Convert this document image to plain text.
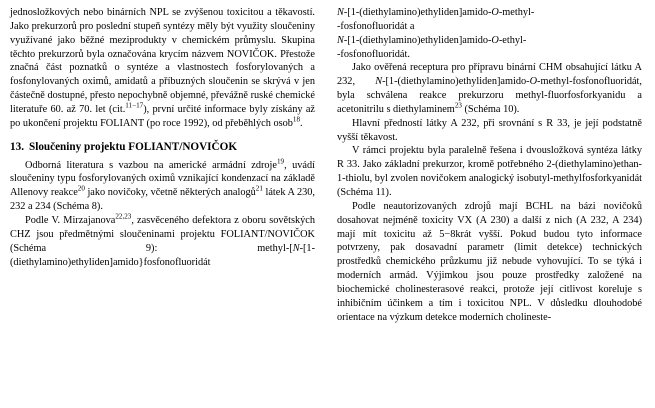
jednosložkových nebo binárních NPL se zvýšenou toxicitou a těkavostí. Jako prekurzorů pro poslední stupeň syntézy měly být využity sloučeniny využívané jako běžné meziprodukty v chemickém průmyslu. Skupina těchto prekurzorů byla označována krycím názvem NOVIČOK. Přestože značná část poznatků o syntéze a vlastnostech fosforylovaných a fosfonylovaných oximů, amidatů a příbuzných sloučenin se skrývá v jen částečně dostupné, přesto nepochybně objemné, převážně ruské chemické literatuře 60. až 70. let (cit.$^{11-17}$), první určité informace byly získány až po ukončení projektu FOLIANT (po roce 1992), od přeběhlých osob$^{18}$.

13. Sloučeniny projektu FOLIANT/NOVIČOK

Odborná literatura s vazbou na americké armádní zdroje$^{19}$, uvádí sloučeniny typu fosforylovaných oximů vznikající kondenzací na základě Allenovy reakce$^{20}$ jako novičoky, včetně některých analogů$^{21}$ látek A 230, 232 a 234 (Schéma 8).

Podle V. Mirzajanova$^{22,23}$, zasvěceného defektora z oboru sovětských CHZ jsou předmětnými sloučeninami projektu FOLIANT/NOVIČOK (Schéma 9): methyl-[N-[1-(diethylamino)ethyliden]amido}fosfonofluoridát

N-[1-(diethylamino)ethyliden]amido-O-methyl-
-fosfonofluoridát a

N-[1-(diethylamino)ethyliden]amido-O-ethyl-
-fosfonofluoridát.

Jako ověřená receptura pro přípravu binární CHM obsahující látku A 232, N-[1-(diethylamino)ethyliden]amido-O-methyl-fosfonofluoridát, byla schválena reakce prekurzoru methyl-fluorfosforkyanidu a acetonitrilu s diethylaminem$^{23}$ (Schéma 10).

Hlavní předností látky A 232, při srovnání s R 33, je její podstatně vyšší těkavost.

V rámci projektu byla paralelně řešena i dvousložková syntéza látky R 33. Jako základní prekurzor, kromě potřebného 2-(diethylamino)ethan-1-thiolu, byl zvolen novičokem analogický isobutyl-methylfosforkyanidát (Schéma 11).

Podle neautorizovaných zdrojů mají BCHL na bázi novičoků dosahovat nejméně toxicity VX (A 230) a další z nich (A 232, A 234) mají mít toxicitu až 5−8krát vyšší. Pokud budou tyto informace potvrzeny, pak dosavadní parametr (limit detekce) technických prostředků chemického průzkumu již nebude vyhovující. To se týká i moderních armád. Výjimkou jsou pouze prostředky založené na biochemické cholinesterasové reakci, protože její citlivost koreluje s inhibičním účinkem a tím i toxicitou NPL. V důsledku dlouhodobé orientace na výzkum detekce moderních cholineste-
